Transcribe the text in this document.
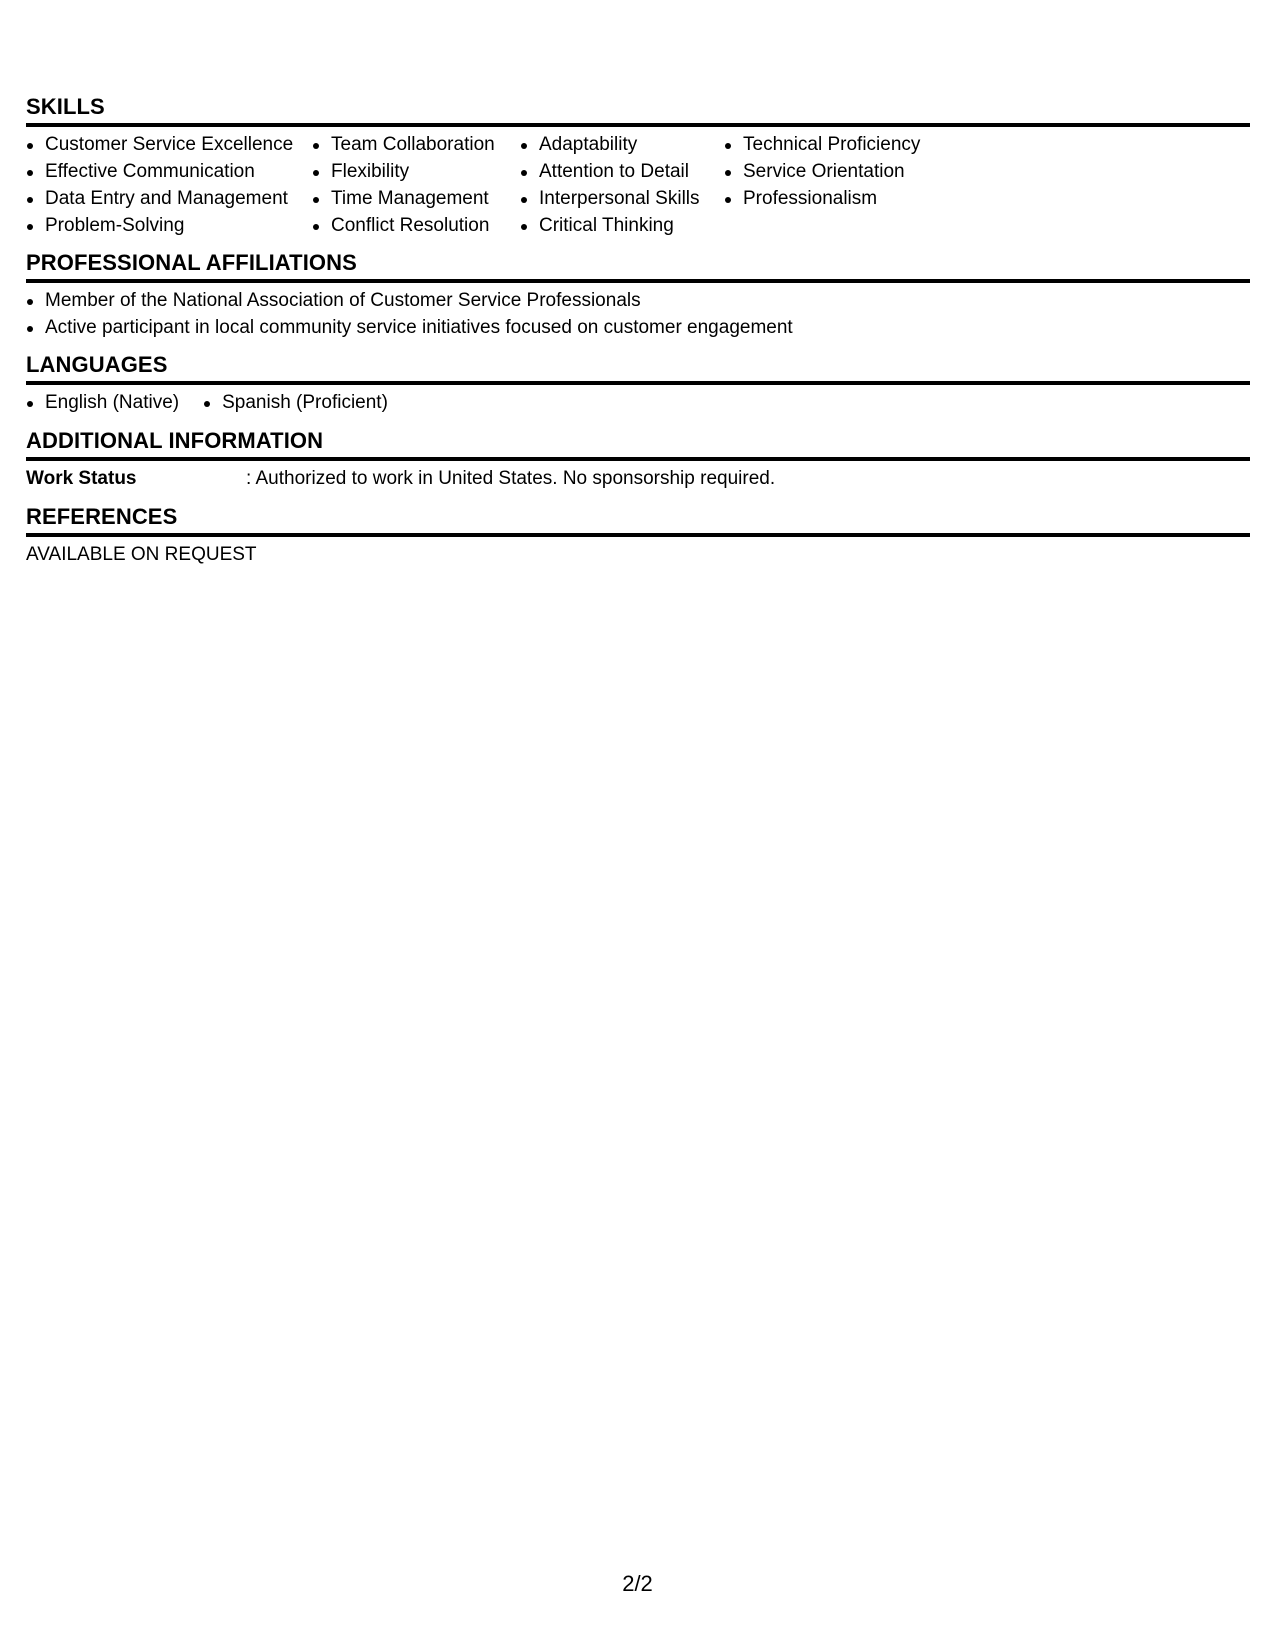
SKILLS
Customer Service Excellence
Effective Communication
Data Entry and Management
Problem-Solving
Team Collaboration
Flexibility
Time Management
Conflict Resolution
Adaptability
Attention to Detail
Interpersonal Skills
Critical Thinking
Technical Proficiency
Service Orientation
Professionalism
PROFESSIONAL AFFILIATIONS
Member of the National Association of Customer Service Professionals
Active participant in local community service initiatives focused on customer engagement
LANGUAGES
English (Native)	Spanish (Proficient)
ADDITIONAL INFORMATION
Work Status	: Authorized to work in United States. No sponsorship required.
REFERENCES
AVAILABLE ON REQUEST
2/2
